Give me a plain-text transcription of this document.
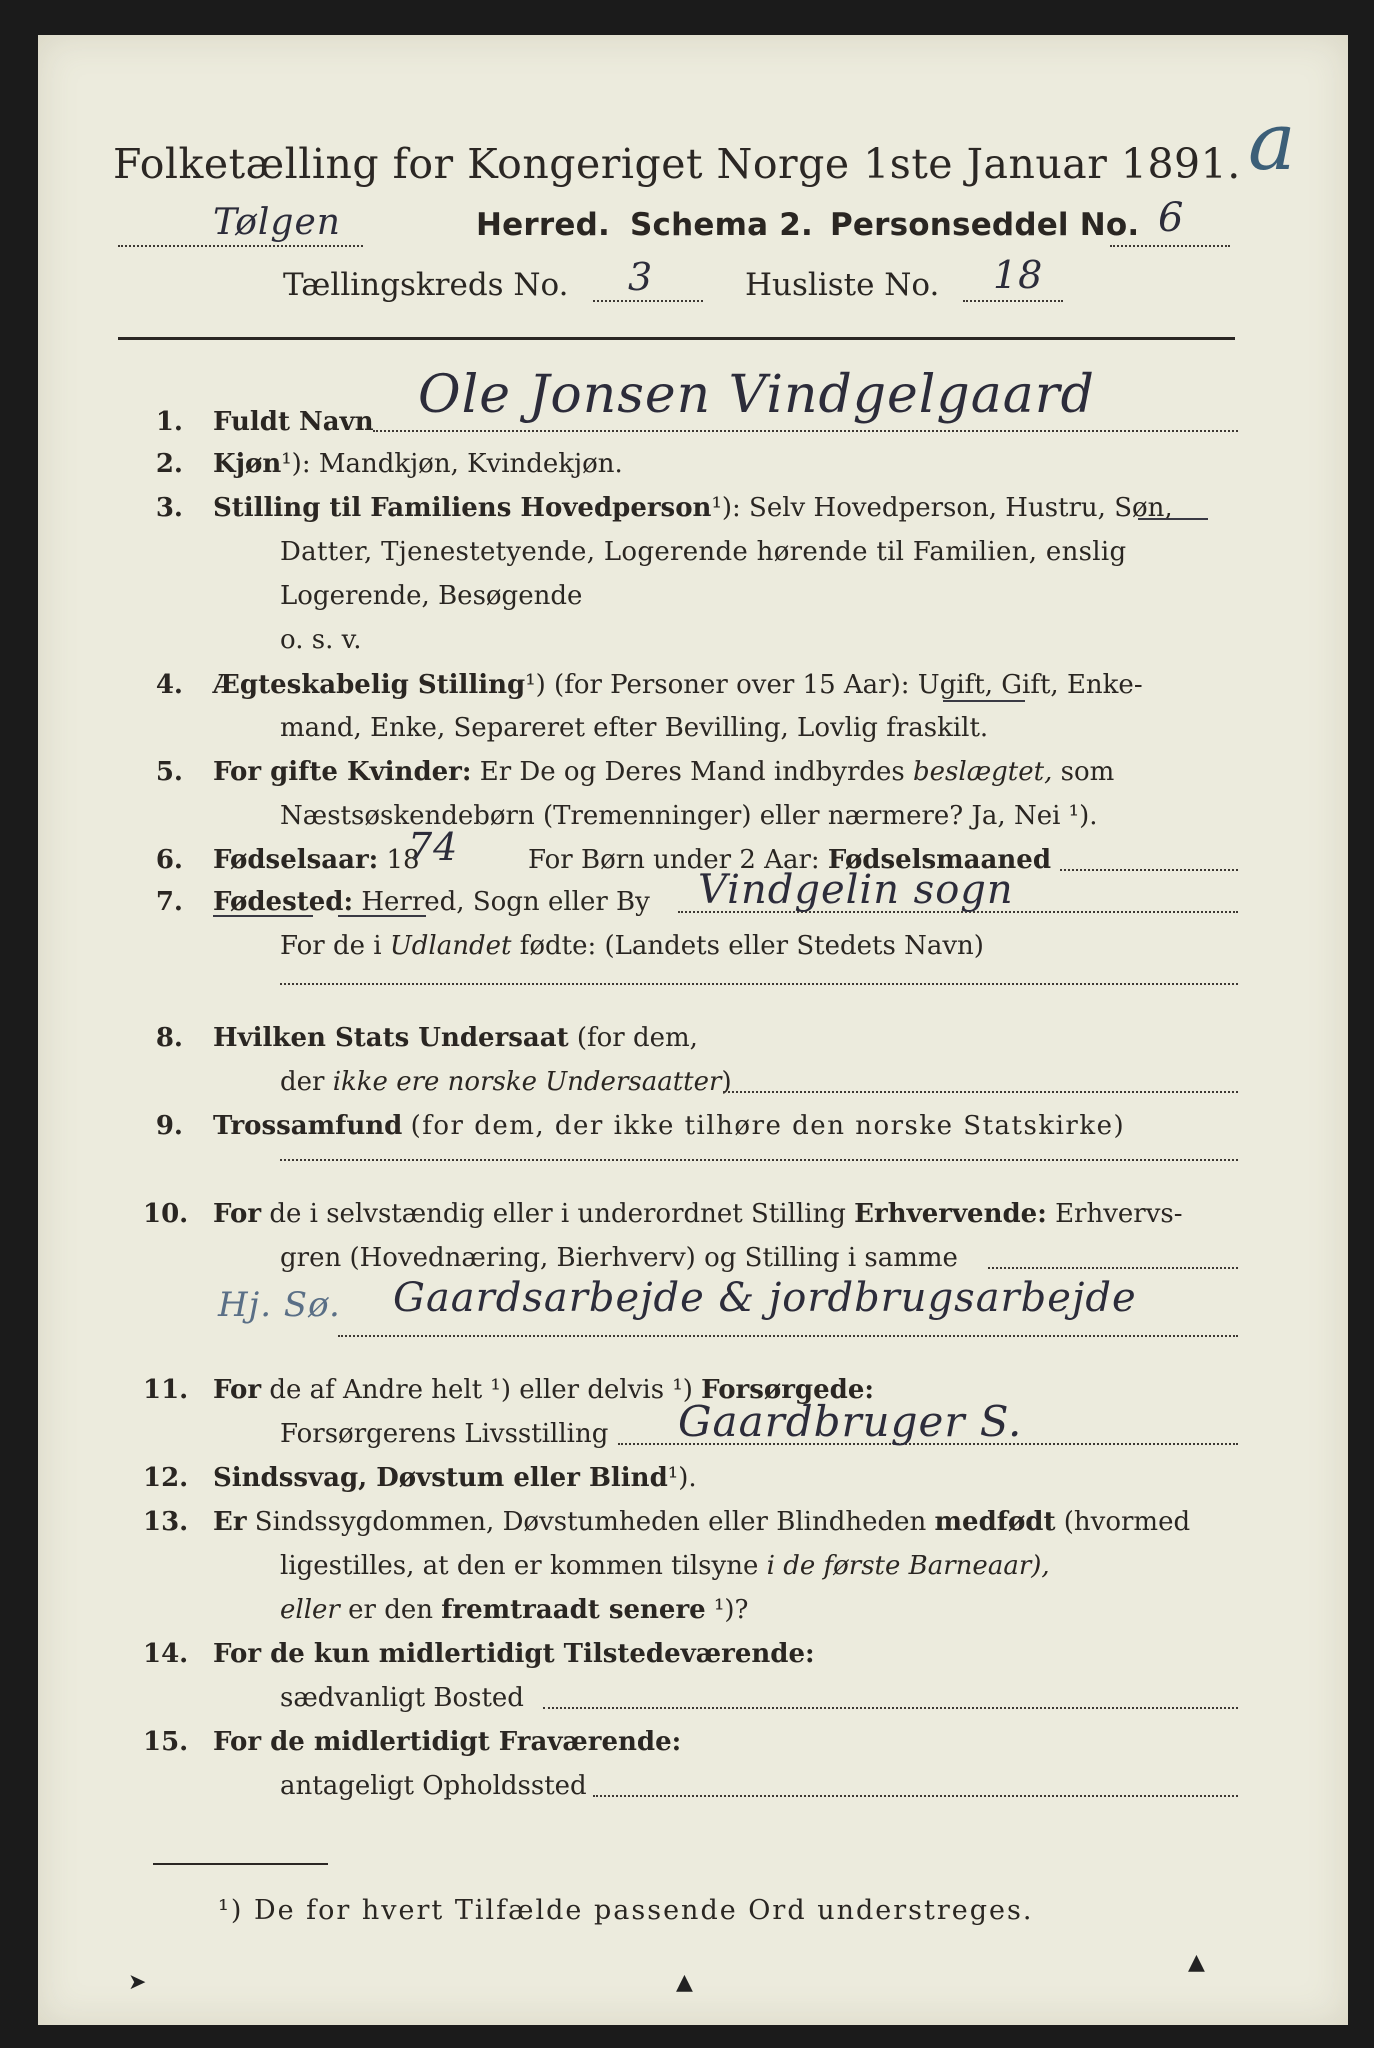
a
Folketælling for Kongeriget Norge 1ste Januar 1891.
Tølgen	Herred. Schema 2. Personseddel No. 6
Tællingskreds No. 3	Husliste No. 18
1. Fuldt Navn Ole Jonsen Vindgelgaard
2. Kjøn¹): Mandkjøn, Kvindekjøn.
3. Stilling til Familiens Hovedperson¹): Selv Hovedperson, Hustru, Søn,
Datter, Tjenestetyende, Logerende hørende til Familien, enslig
Logerende, Besøgende
o. s. v.
4. Ægteskabelig Stilling¹) (for Personer over 15 Aar): Ugift, Gift, Enke-
mand, Enke, Separeret efter Bevilling, Lovlig fraskilt.
5. For gifte Kvinder: Er De og Deres Mand indbyrdes beslægtet, som
Næstsøskendebørn (Tremenninger) eller nærmere? Ja, Nei ¹).
6. Fødselsaar: 18
74	For Børn under 2 Aar: Fødselsmaaned
7. Fødested: Herred, Sogn eller By Vindgelin sogn
For de i Udlandet fødte: (Landets eller Stedets Navn)
8. Hvilken Stats Undersaat (for dem,
der ikke ere norske Undersaatter)
9. Trossamfund (for dem, der ikke tilhøre den norske Statskirke)
10. For de i selvstændig eller i underordnet Stilling Erhvervende: Erhvervs-
gren (Hovednæring, Bierhverv) og Stilling i samme
Hj. Sø. Gaardsarbejde & jordbrugsarbejde
11. For de af Andre helt ¹) eller delvis ¹) Forsørgede:
Forsørgerens Livsstilling Gaardbruger S.
12. Sindssvag, Døvstum eller Blind¹).
13. Er Sindssygdommen, Døvstumheden eller Blindheden medfødt (hvormed
ligestilles, at den er kommen tilsyne i de første Barneaar),
eller er den fremtraadt senere ¹)?
14. For de kun midlertidigt Tilstedeværende:
sædvanligt Bosted
15. For de midlertidigt Fraværende:
antageligt Opholdssted
¹) De for hvert Tilfælde passende Ord understreges.
➤	▲
▲
